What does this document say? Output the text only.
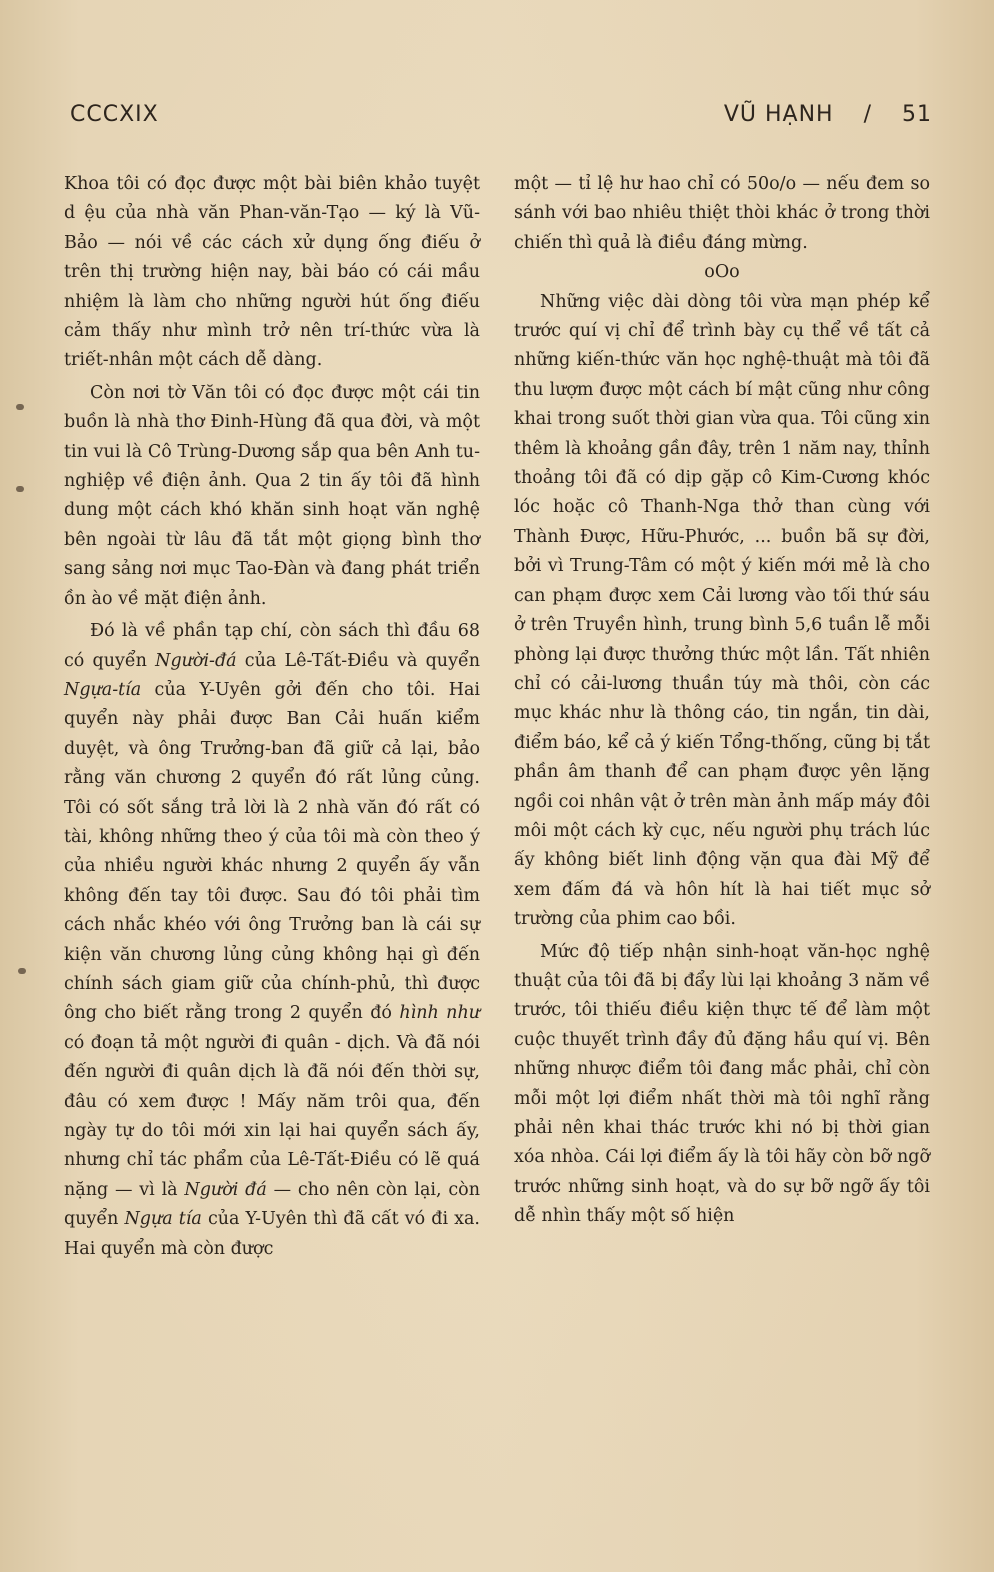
CCCXIX	VŨ HẠNH / 51

Khoa tôi có đọc được một bài biên khảo tuyệt d ệu của nhà văn Phan-văn-Tạo — ký là Vũ-Bảo — nói về các cách xử dụng ống điếu ở trên thị trường hiện nay, bài báo có cái mầu nhiệm là làm cho những người hút ống điếu cảm thấy như mình trở nên trí-thức vừa là triết-nhân một cách dễ dàng.

Còn nơi tờ Văn tôi có đọc được một cái tin buồn là nhà thơ Đinh-Hùng đã qua đời, và một tin vui là Cô Trùng-Dương sắp qua bên Anh tu-nghiệp về điện ảnh. Qua 2 tin ấy tôi đã hình dung một cách khó khăn sinh hoạt văn nghệ bên ngoài từ lâu đã tắt một giọng bình thơ sang sảng nơi mục Tao-Đàn và đang phát triển ồn ào về mặt điện ảnh.

Đó là về phần tạp chí, còn sách thì đầu 68 có quyển Người-đá của Lê-Tất-Điều và quyển Ngựa-tía của Y-Uyên gởi đến cho tôi. Hai quyển này phải được Ban Cải huấn kiểm duyệt, và ông Trưởng-ban đã giữ cả lại, bảo rằng văn chương 2 quyển đó rất lủng củng. Tôi có sốt sắng trả lời là 2 nhà văn đó rất có tài, không những theo ý của tôi mà còn theo ý của nhiều người khác nhưng 2 quyển ấy vẫn không đến tay tôi được. Sau đó tôi phải tìm cách nhắc khéo với ông Trưởng ban là cái sự kiện văn chương lủng củng không hại gì đến chính sách giam giữ của chính-phủ, thì được ông cho biết rằng trong 2 quyển đó hình như có đoạn tả một người đi quân - dịch. Và đã nói đến người đi quân dịch là đã nói đến thời sự, đâu có xem được ! Mấy năm trôi qua, đến ngày tự do tôi mới xin lại hai quyển sách ấy, nhưng chỉ tác phẩm của Lê-Tất-Điều có lẽ quá nặng — vì là Người đá — cho nên còn lại, còn quyển Ngựa tía của Y-Uyên thì đã cất vó đi xa. Hai quyển mà còn được

một — tỉ lệ hư hao chỉ có 50o/o — nếu đem so sánh với bao nhiêu thiệt thòi khác ở trong thời chiến thì quả là điều đáng mừng.

oOo

Những việc dài dòng tôi vừa mạn phép kể trước quí vị chỉ để trình bày cụ thể về tất cả những kiến-thức văn học nghệ-thuật mà tôi đã thu lượm được một cách bí mật cũng như công khai trong suốt thời gian vừa qua. Tôi cũng xin thêm là khoảng gần đây, trên 1 năm nay, thỉnh thoảng tôi đã có dịp gặp cô Kim-Cương khóc lóc hoặc cô Thanh-Nga thở than cùng với Thành Được, Hữu-Phước, ... buồn bã sự đời, bởi vì Trung-Tâm có một ý kiến mới mẻ là cho can phạm được xem Cải lương vào tối thứ sáu ở trên Truyền hình, trung bình 5,6 tuần lễ mỗi phòng lại được thưởng thức một lần. Tất nhiên chỉ có cải-lương thuần túy mà thôi, còn các mục khác như là thông cáo, tin ngắn, tin dài, điểm báo, kể cả ý kiến Tổng-thống, cũng bị tắt phần âm thanh để can phạm được yên lặng ngồi coi nhân vật ở trên màn ảnh mấp máy đôi môi một cách kỳ cục, nếu người phụ trách lúc ấy không biết linh động vặn qua đài Mỹ để xem đấm đá và hôn hít là hai tiết mục sở trường của phim cao bồi.

Mức độ tiếp nhận sinh-hoạt văn-học nghệ thuật của tôi đã bị đẩy lùi lại khoảng 3 năm về trước, tôi thiếu điều kiện thực tế để làm một cuộc thuyết trình đầy đủ đặng hầu quí vị. Bên những nhược điểm tôi đang mắc phải, chỉ còn mỗi một lợi điểm nhất thời mà tôi nghĩ rằng phải nên khai thác trước khi nó bị thời gian xóa nhòa. Cái lợi điểm ấy là tôi hãy còn bỡ ngỡ trước những sinh hoạt, và do sự bỡ ngỡ ấy tôi dễ nhìn thấy một số hiện
